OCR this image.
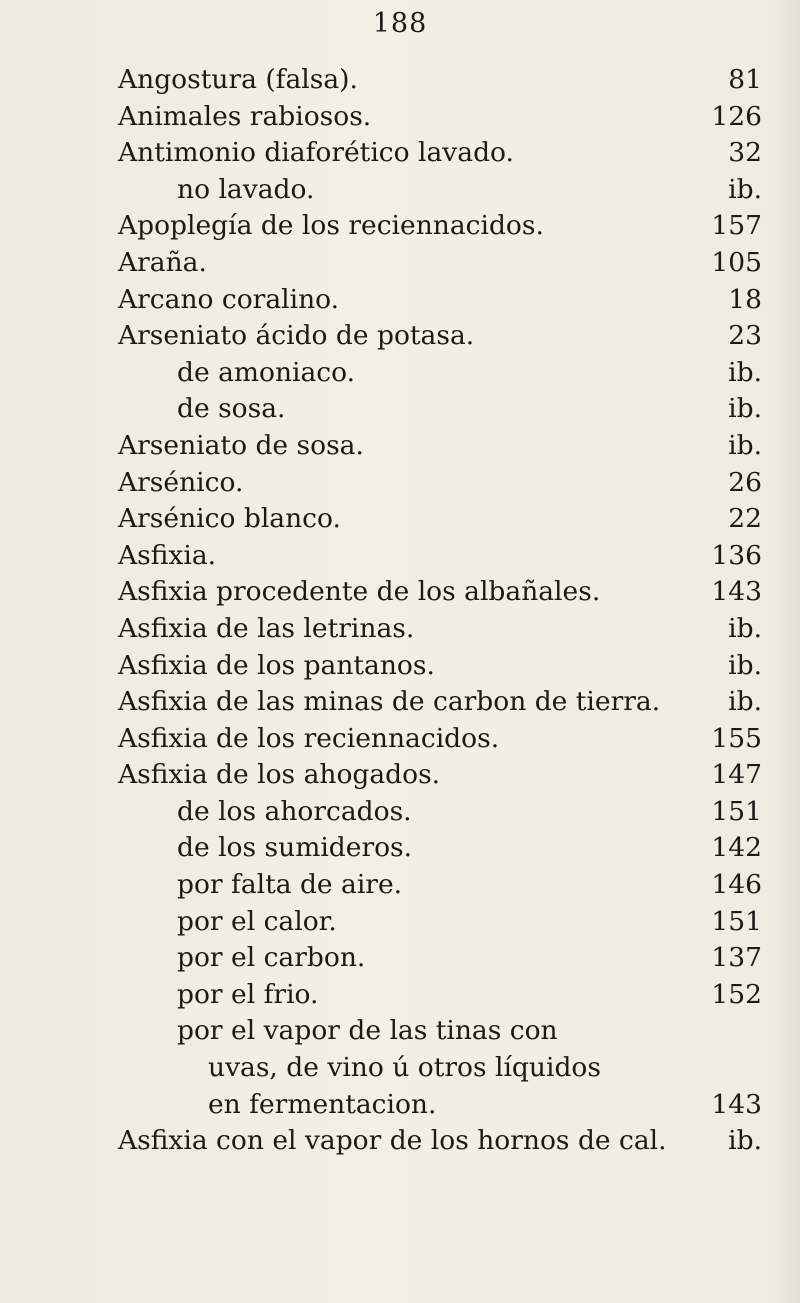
188
Angostura (falsa).	81
Animales rabiosos.	126
Antimonio diaforético lavado.	32
no lavado.	ib.
Apoplegía de los reciennacidos.	157
Araña.	105
Arcano coralino.	18
Arseniato ácido de potasa.	23
de amoniaco.	ib.
de sosa.	ib.
Arseniato de sosa.	ib.
Arsénico.	26
Arsénico blanco.	22
Asfixia.	136
Asfixia procedente de los albañales.	143
Asfixia de las letrinas.	ib.
Asfixia de los pantanos.	ib.
Asfixia de las minas de carbon de tierra.	ib.
Asfixia de los reciennacidos.	155
Asfixia de los ahogados.	147
de los ahorcados.	151
de los sumideros.	142
por falta de aire.	146
por el calor.	151
por el carbon.	137
por el frio.	152
por el vapor de las tinas con
uvas, de vino ú otros líquidos
en fermentacion.	143
Asfixia con el vapor de los hornos de cal. ib.
